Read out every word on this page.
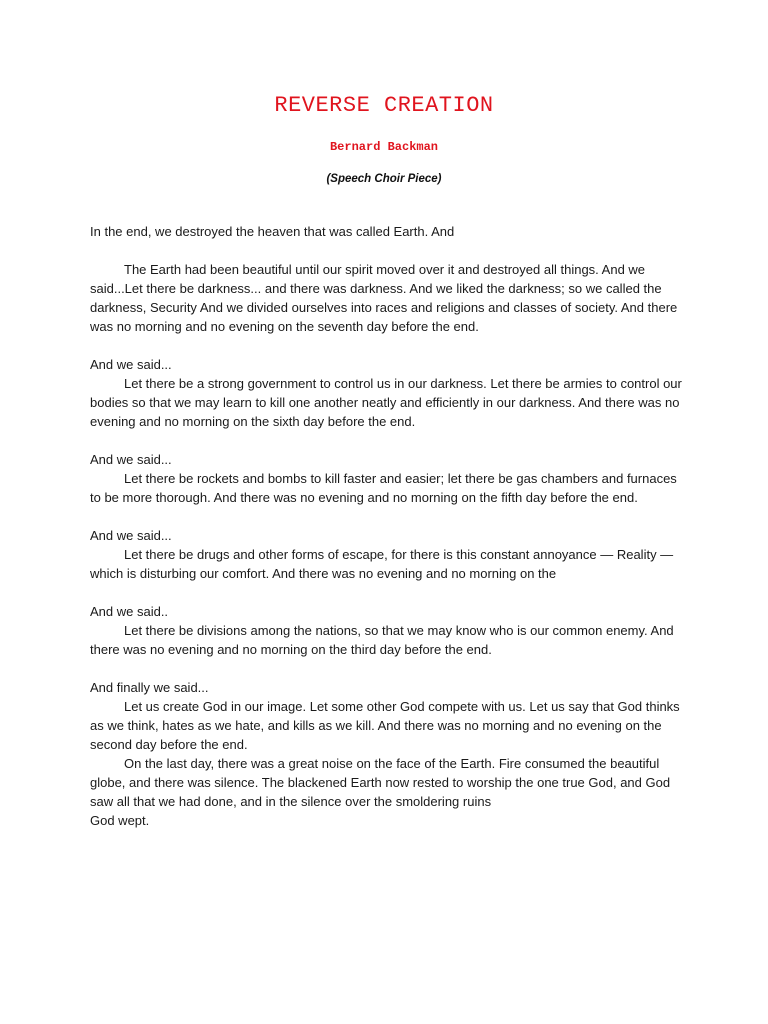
REVERSE CREATION
Bernard Backman
(Speech Choir Piece)

In the end, we destroyed the heaven that was called Earth. And

The Earth had been beautiful until our spirit moved over it and destroyed all things. And we said...Let there be darkness... and there was darkness. And we liked the darkness; so we called the darkness, Security And we divided ourselves into races and religions and classes of society. And there was no morning and no evening on the seventh day before the end.

And we said...

Let there be a strong government to control us in our darkness. Let there be armies to control our bodies so that we may learn to kill one another neatly and efficiently in our darkness. And there was no evening and no morning on the sixth day before the end.

And we said...

Let there be rockets and bombs to kill faster and easier; let there be gas chambers and furnaces to be more thorough. And there was no evening and no morning on the fifth day before the end.

And we said...

Let there be drugs and other forms of escape, for there is this constant annoyance — Reality — which is disturbing our comfort. And there was no evening and no morning on the

And we said..

Let there be divisions among the nations, so that we may know who is our common enemy. And there was no evening and no morning on the third day before the end.

And finally we said...

Let us create God in our image. Let some other God compete with us. Let us say that God thinks as we think, hates as we hate, and kills as we kill. And there was no morning and no evening on the second day before the end.

On the last day, there was a great noise on the face of the Earth. Fire consumed the beautiful globe, and there was silence. The blackened Earth now rested to worship the one true God, and God saw all that we had done, and in the silence over the smoldering ruins

God wept.
